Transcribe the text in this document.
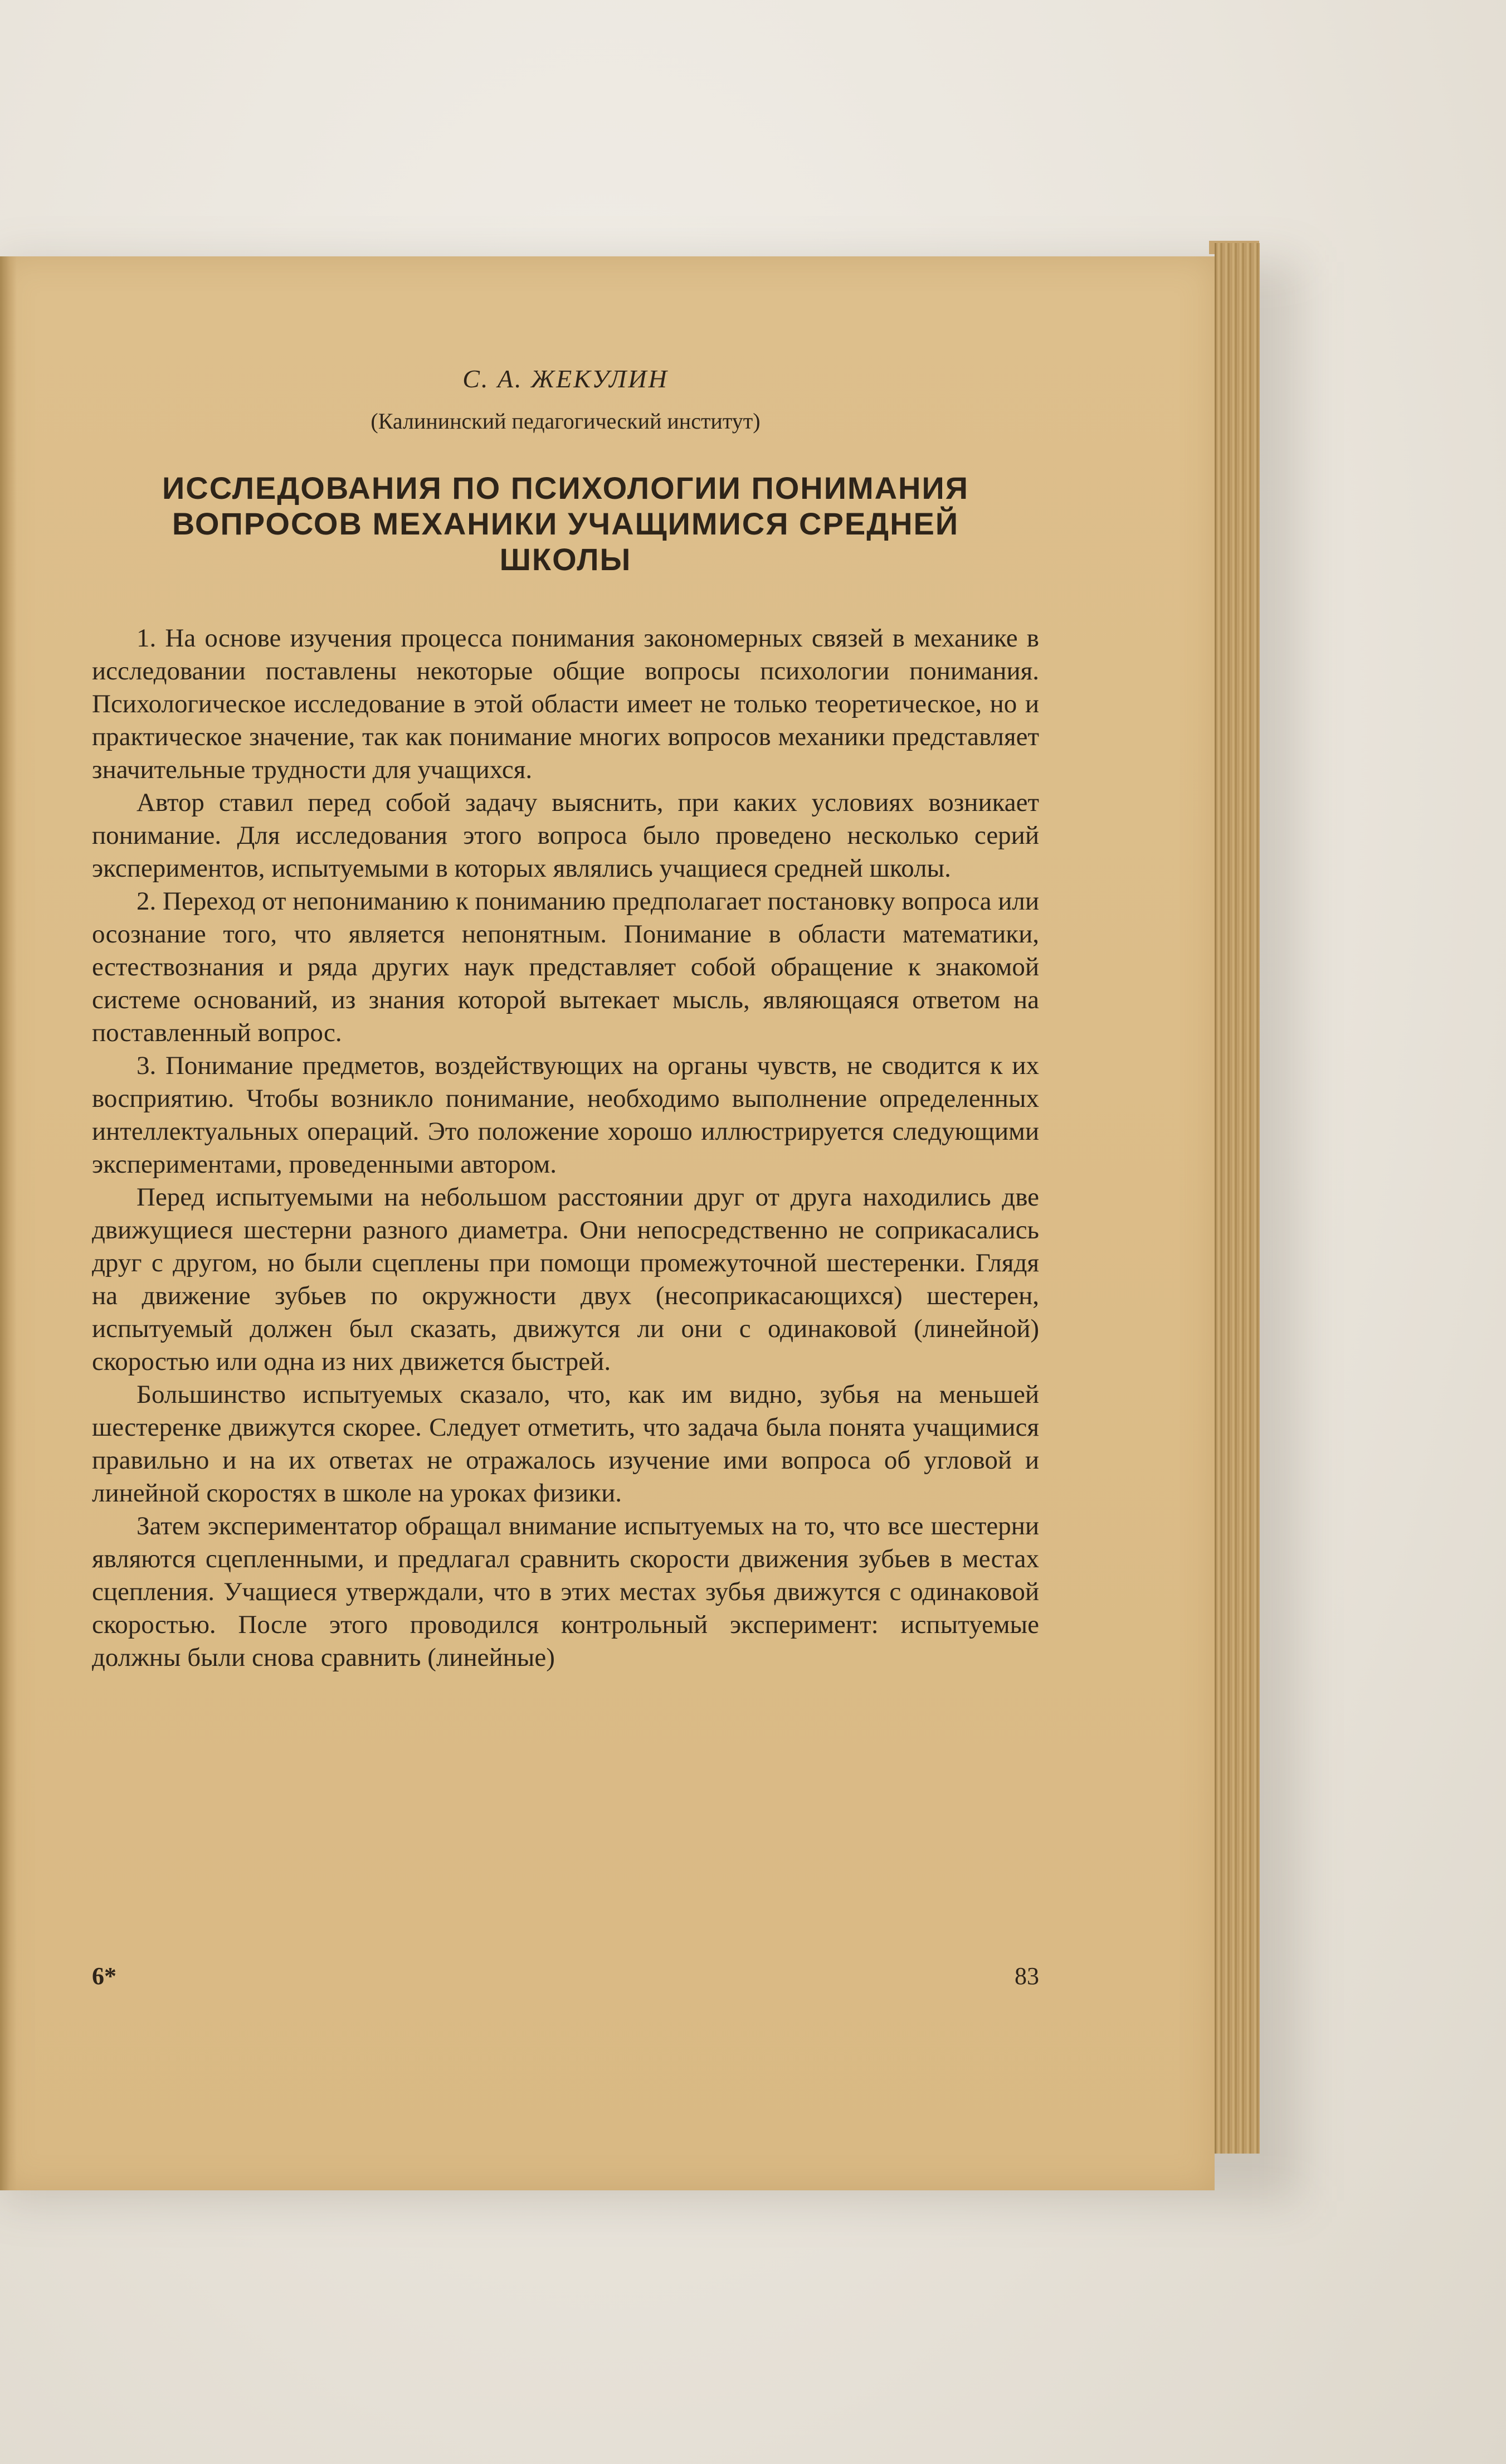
С. А. ЖЕКУЛИН
(Калининский педагогический институт)
ИССЛЕДОВАНИЯ ПО ПСИХОЛОГИИ ПОНИМАНИЯ
ВОПРОСОВ МЕХАНИКИ УЧАЩИМИСЯ СРЕДНЕЙ
ШКОЛЫ

1. На основе изучения процесса понимания закономерных связей в механике в исследовании поставлены некоторые общие вопросы психологии понимания. Психологическое исследование в этой области имеет не только теоретическое, но и практическое значение, так как понимание многих вопросов механики представляет значительные трудности для учащихся.

Автор ставил перед собой задачу выяснить, при каких условиях возникает понимание. Для исследования этого вопроса было проведено несколько серий экспериментов, испытуемыми в которых являлись учащиеся средней школы.

2. Переход от непониманию к пониманию предполагает постановку вопроса или осознание того, что является непонятным. Понимание в области математики, естествознания и ряда других наук представляет собой обращение к знакомой системе оснований, из знания которой вытекает мысль, являющаяся ответом на поставленный вопрос.

3. Понимание предметов, воздействующих на органы чувств, не сводится к их восприятию. Чтобы возникло понимание, необходимо выполнение определенных интеллектуальных операций. Это положение хорошо иллюстрируется следующими экспериментами, проведенными автором.

Перед испытуемыми на небольшом расстоянии друг от друга находились две движущиеся шестерни разного диаметра. Они непосредственно не соприкасались друг с другом, но были сцеплены при помощи промежуточной шестеренки. Глядя на движение зубьев по окружности двух (несоприкасающихся) шестерен, испытуемый должен был сказать, движутся ли они с одинаковой (линейной) скоростью или одна из них движется быстрей.

Большинство испытуемых сказало, что, как им видно, зубья на меньшей шестеренке движутся скорее. Следует отметить, что задача была понята учащимися правильно и на их ответах не отражалось изучение ими вопроса об угловой и линейной скоростях в школе на уроках физики.

Затем экспериментатор обращал внимание испытуемых на то, что все шестерни являются сцепленными, и предлагал сравнить скорости движения зубьев в местах сцепления. Учащиеся утверждали, что в этих местах зубья движутся с одинаковой скоростью. После этого проводился контрольный эксперимент: испытуемые должны были снова сравнить (линейные)

6*	83
